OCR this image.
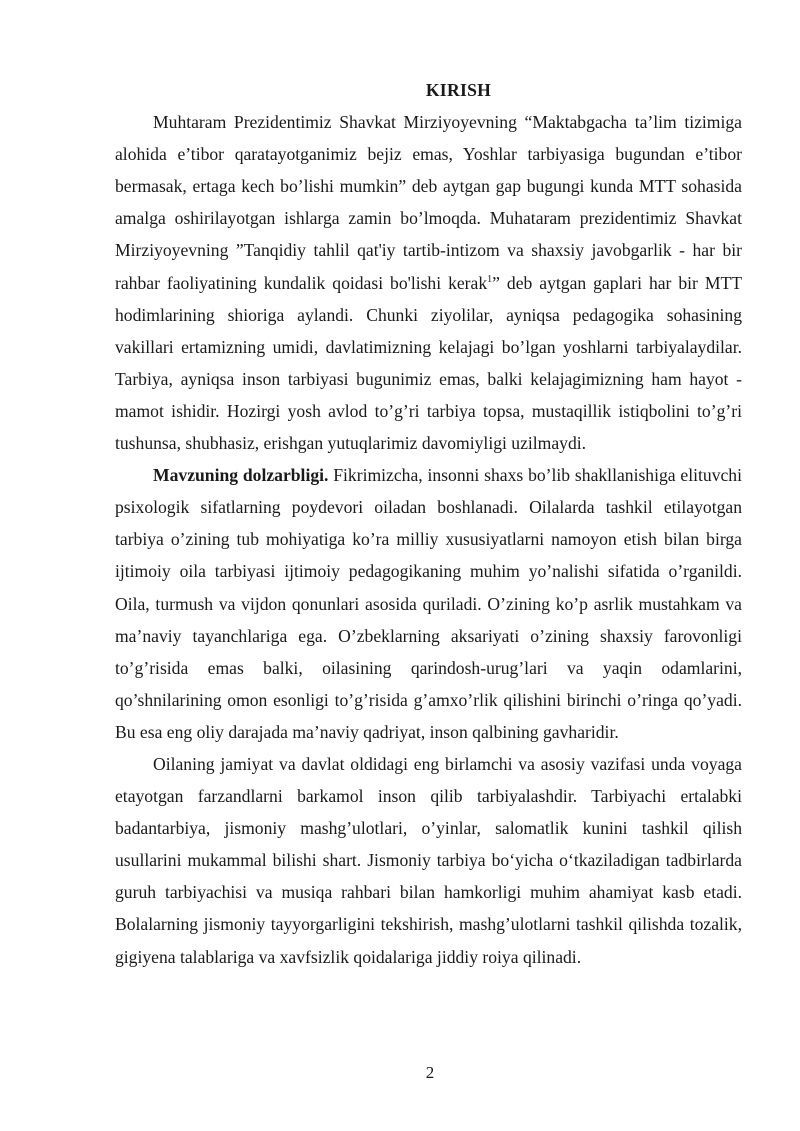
KIRISH

Muhtaram Prezidentimiz Shavkat Mirziyoyevning “Maktabgacha ta’lim tizimiga alohida e’tibor qaratayotganimiz bejiz emas, Yoshlar tarbiyasiga bugundan e’tibor bermasak, ertaga kech bo’lishi mumkin” deb aytgan gap bugungi kunda MTT sohasida amalga oshirilayotgan ishlarga zamin bo’lmoqda. Muhataram prezidentimiz Shavkat Mirziyoyevning ”Tanqidiy tahlil qat'iy tartib-intizom va shaxsiy javobgarlik - har bir rahbar faoliyatining kundalik qoidasi bo'lishi kerak$^1$” deb aytgan gaplari har bir MTT hodimlarining shioriga aylandi. Chunki ziyolilar, ayniqsa pedagogika sohasining vakillari ertamizning umidi, davlatimizning kelajagi bo’lgan yoshlarni tarbiyalaydilar. Tarbiya, ayniqsa inson tarbiyasi bugunimiz emas, balki kelajagimizning ham hayot - mamot ishidir. Hozirgi yosh avlod to’g’ri tarbiya topsa, mustaqillik istiqbolini to’g’ri tushunsa, shubhasiz, erishgan yutuqlarimiz davomiyligi uzilmaydi.

Mavzuning dolzarbligi. Fikrimizcha, insonni shaxs bo’lib shakllanishiga elituvchi psixologik sifatlarning poydevori oiladan boshlanadi. Oilalarda tashkil etilayotgan tarbiya o’zining tub mohiyatiga ko’ra milliy xususiyatlarni namoyon etish bilan birga ijtimoiy oila tarbiyasi ijtimoiy pedagogikaning muhim yo’nalishi sifatida o’rganildi. Oila, turmush va vijdon qonunlari asosida quriladi. O’zining ko’p asrlik mustahkam va ma’naviy tayanchlariga ega. O’zbeklarning aksariyati o’zining shaxsiy farovonligi to’g’risida emas balki, oilasining qarindosh-urug’lari va yaqin odamlarini, qo’shnilarining omon esonligi to’g’risida g’amxo’rlik qilishini birinchi o’ringa qo’yadi. Bu esa eng oliy darajada ma’naviy qadriyat, inson qalbining gavharidir.

Oilaning jamiyat va davlat oldidagi eng birlamchi va asosiy vazifasi unda voyaga etayotgan farzandlarni barkamol inson qilib tarbiyalashdir. Tarbiyachi ertalabki badantarbiya, jismoniy mashg’ulotlari, o’yinlar, salomatlik kunini tashkil qilish usullarini mukammal bilishi shart. Jismoniy tarbiya bo‘yicha o‘tkaziladigan tadbirlarda guruh tarbiyachisi va musiqa rahbari bilan hamkorligi muhim ahamiyat kasb etadi. Bolalarning jismoniy tayyorgarligini tekshirish, mashg’ulotlarni tashkil qilishda tozalik, gigiyena talablariga va xavfsizlik qoidalariga jiddiy roiya qilinadi.

2
